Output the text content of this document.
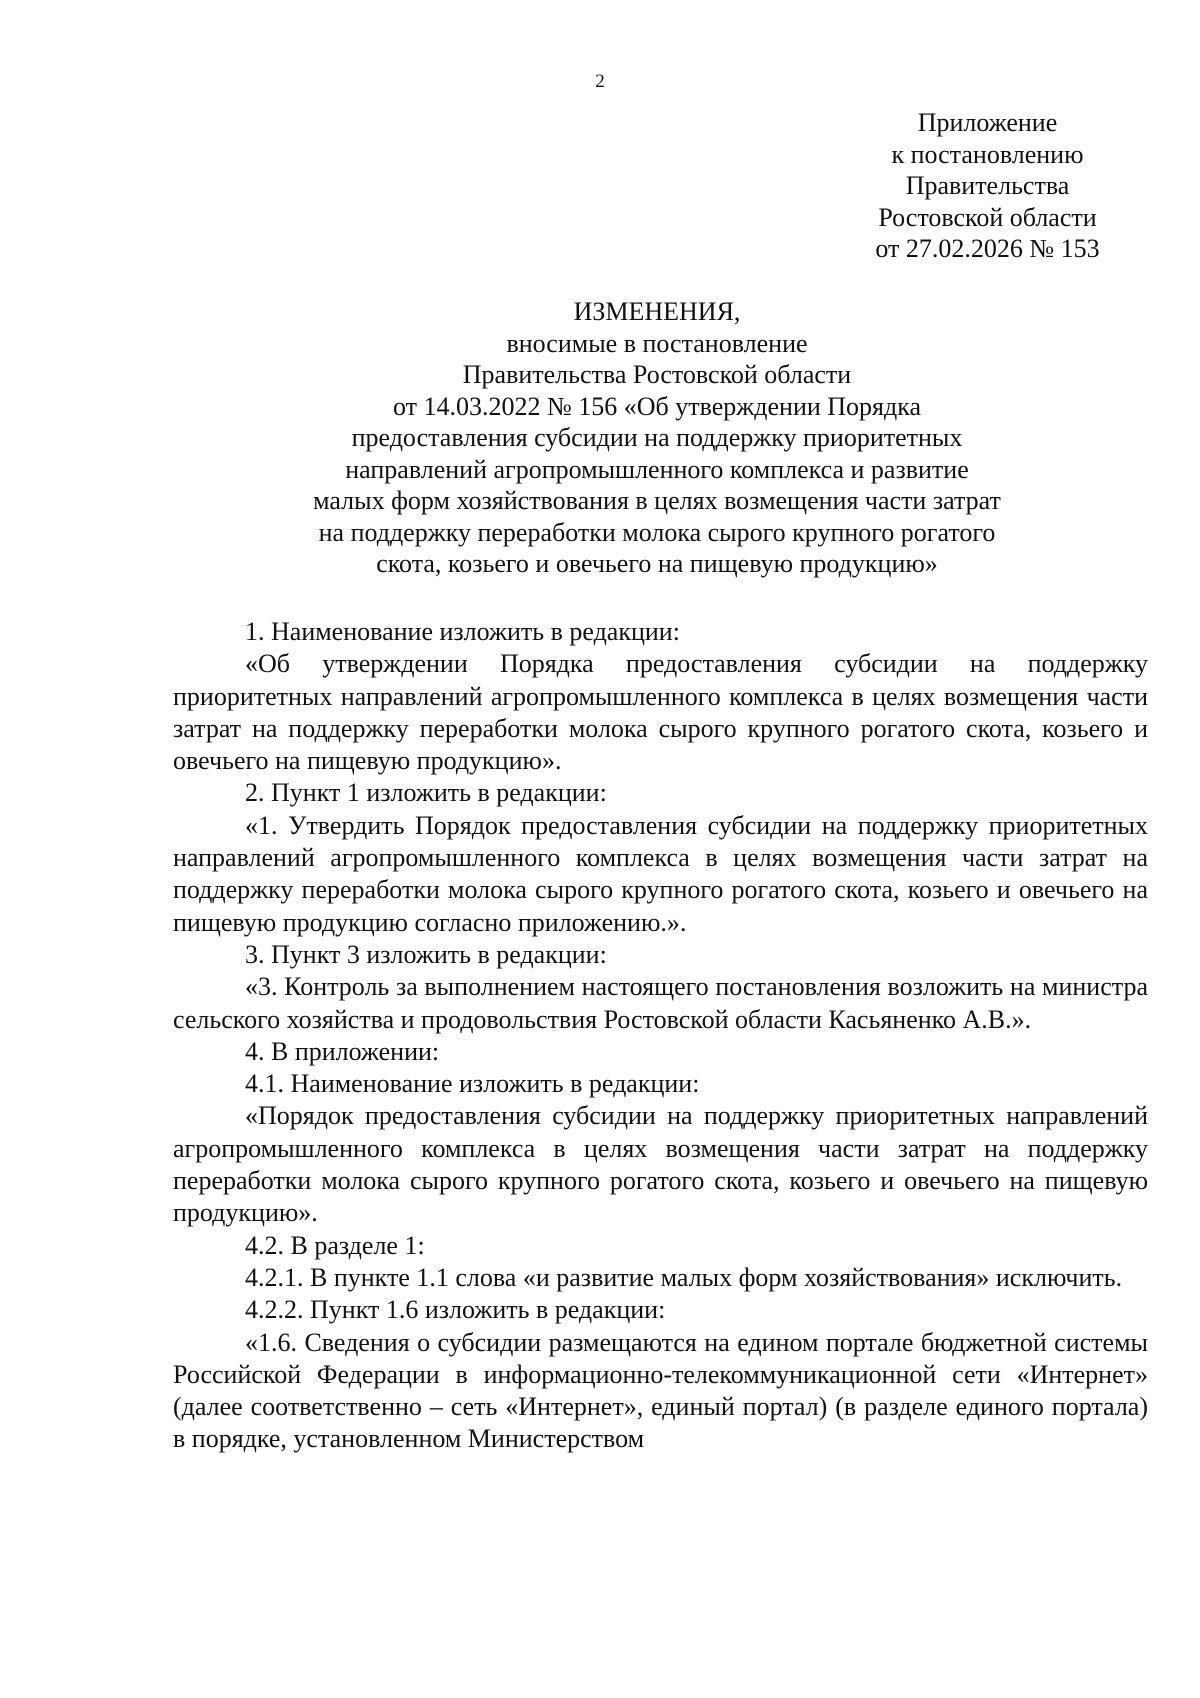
2
Приложение
к постановлению
Правительства
Ростовской области
от 27.02.2026 № 153
ИЗМЕНЕНИЯ,
вносимые в постановление
Правительства Ростовской области
от 14.03.2022 № 156 «Об утверждении Порядка
предоставления субсидии на поддержку приоритетных
направлений агропромышленного комплекса и развитие
малых форм хозяйствования в целях возмещения части затрат
на поддержку переработки молока сырого крупного рогатого
скота, козьего и овечьего на пищевую продукцию»

1. Наименование изложить в редакции:

«Об утверждении Порядка предоставления субсидии на поддержку приоритетных направлений агропромышленного комплекса в целях возмещения части затрат на поддержку переработки молока сырого крупного рогатого скота, козьего и овечьего на пищевую продукцию».

2. Пункт 1 изложить в редакции:

«1. Утвердить Порядок предоставления субсидии на поддержку приоритетных направлений агропромышленного комплекса в целях возмещения части затрат на поддержку переработки молока сырого крупного рогатого скота, козьего и овечьего на пищевую продукцию согласно приложению.».

3. Пункт 3 изложить в редакции:

«3. Контроль за выполнением настоящего постановления возложить на министра сельского хозяйства и продовольствия Ростовской области Касьяненко А.В.».

4. В приложении:

4.1. Наименование изложить в редакции:

«Порядок предоставления субсидии на поддержку приоритетных направлений агропромышленного комплекса в целях возмещения части затрат на поддержку переработки молока сырого крупного рогатого скота, козьего и овечьего на пищевую продукцию».

4.2. В разделе 1:

4.2.1. В пункте 1.1 слова «и развитие малых форм хозяйствования» исключить.

4.2.2. Пункт 1.6 изложить в редакции:

«1.6. Сведения о субсидии размещаются на едином портале бюджетной системы Российской Федерации в информационно-телекоммуникационной сети «Интернет» (далее соответственно – сеть «Интернет», единый портал) (в разделе единого портала) в порядке, установленном Министерством
